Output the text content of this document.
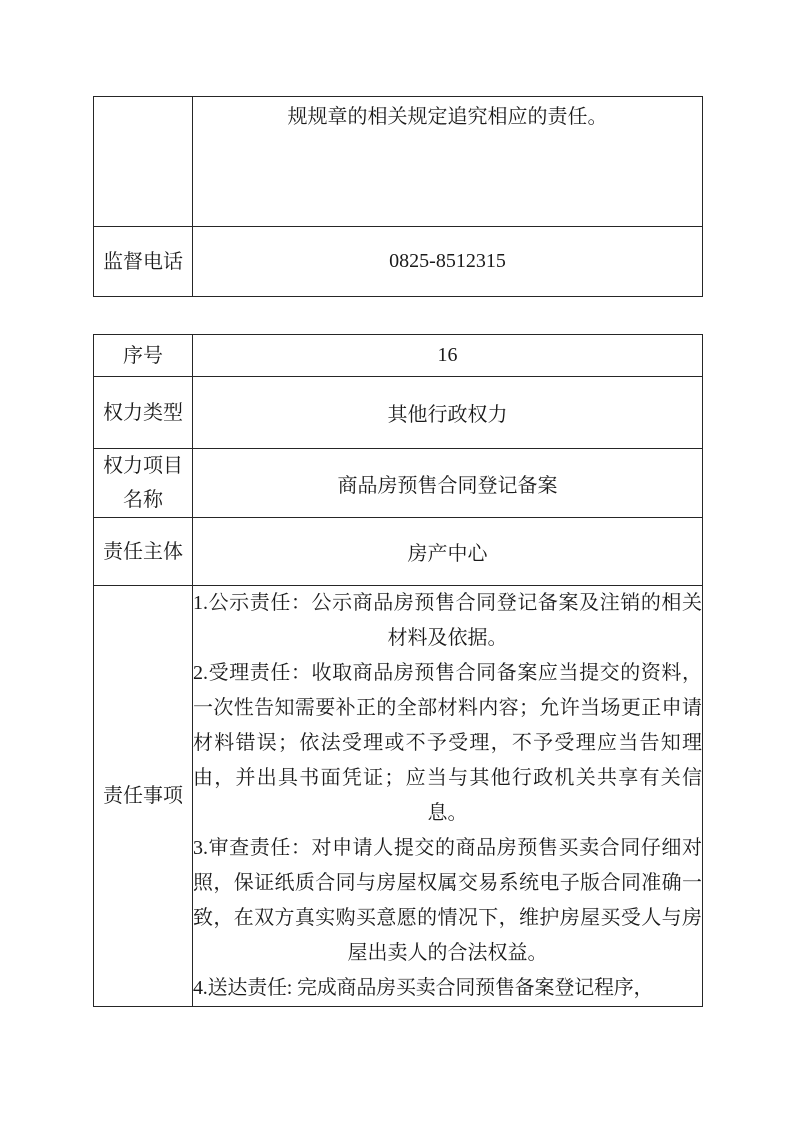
	规规章的相关规定追究相应的责任。

监督电话	0825-8512315
序号	16
权力类型	其他行政权力
权力项目名称	商品房预售合同登记备案
责任主体	房产中心
责任事项	1.公示责任：公示商品房预售合同登记备案及注销的相关材料及依据。

2.受理责任：收取商品房预售合同备案应当提交的资料，一次性告知需要补正的全部材料内容；允许当场更正申请材料错误；依法受理或不予受理，不予受理应当告知理由，并出具书面凭证；应当与其他行政机关共享有关信息。

3.审查责任：对申请人提交的商品房预售买卖合同仔细对照，保证纸质合同与房屋权属交易系统电子版合同准确一致，在双方真实购买意愿的情况下，维护房屋买受人与房屋出卖人的合法权益。

4.送达责任: 完成商品房买卖合同预售备案登记程序，
